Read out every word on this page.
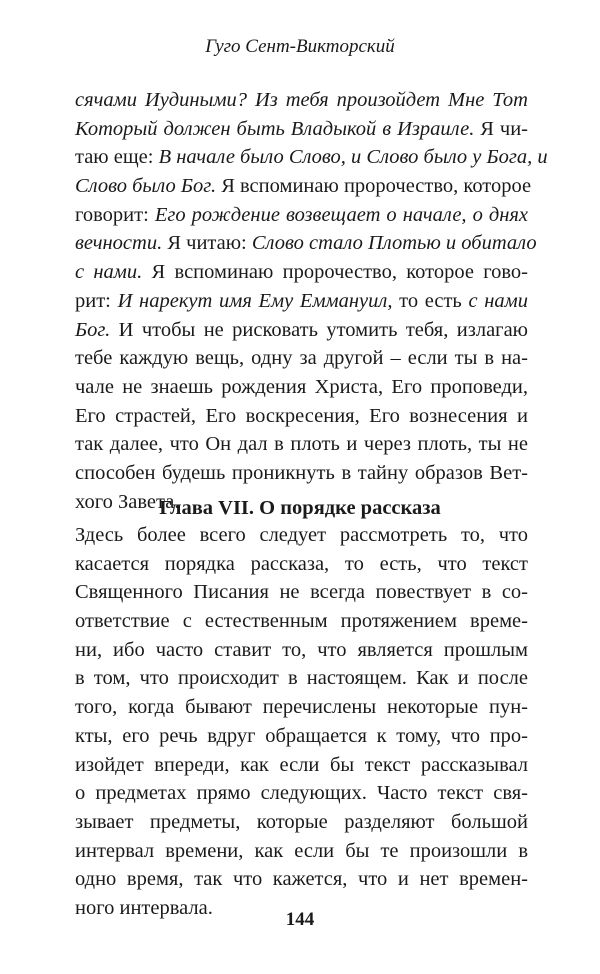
Гуго Сент-Викторский
сячами Иудиными? Из тебя произойдет Мне Тот
Который должен быть Владыкой в Израиле. Я чи-
таю еще: В начале было Слово, и Слово было у Бога, и
Слово было Бог. Я вспоминаю пророчество, которое
говорит: Его рождение возвещает о начале, о днях
вечности. Я читаю: Слово стало Плотью и обитало
с нами. Я вспоминаю пророчество, которое гово-
рит: И нарекут имя Ему Еммануил, то есть с нами
Бог. И чтобы не рисковать утомить тебя, излагаю
тебе каждую вещь, одну за другой – если ты в на-
чале не знаешь рождения Христа, Его проповеди,
Его страстей, Его воскресения, Его вознесения и
так далее, что Он дал в плоть и через плоть, ты не
способен будешь проникнуть в тайну образов Вет-
хого Завета.
Глава VII. О порядке рассказа
Здесь более всего следует рассмотреть то, что
касается порядка рассказа, то есть, что текст
Священного Писания не всегда повествует в со-
ответствие с естественным протяжением време-
ни, ибо часто ставит то, что является прошлым
в том, что происходит в настоящем. Как и после
того, когда бывают перечислены некоторые пун-
кты, его речь вдруг обращается к тому, что про-
изойдет впереди, как если бы текст рассказывал
о предметах прямо следующих. Часто текст свя-
зывает предметы, которые разделяют большой
интервал времени, как если бы те произошли в
одно время, так что кажется, что и нет времен-
ного интервала.
144
